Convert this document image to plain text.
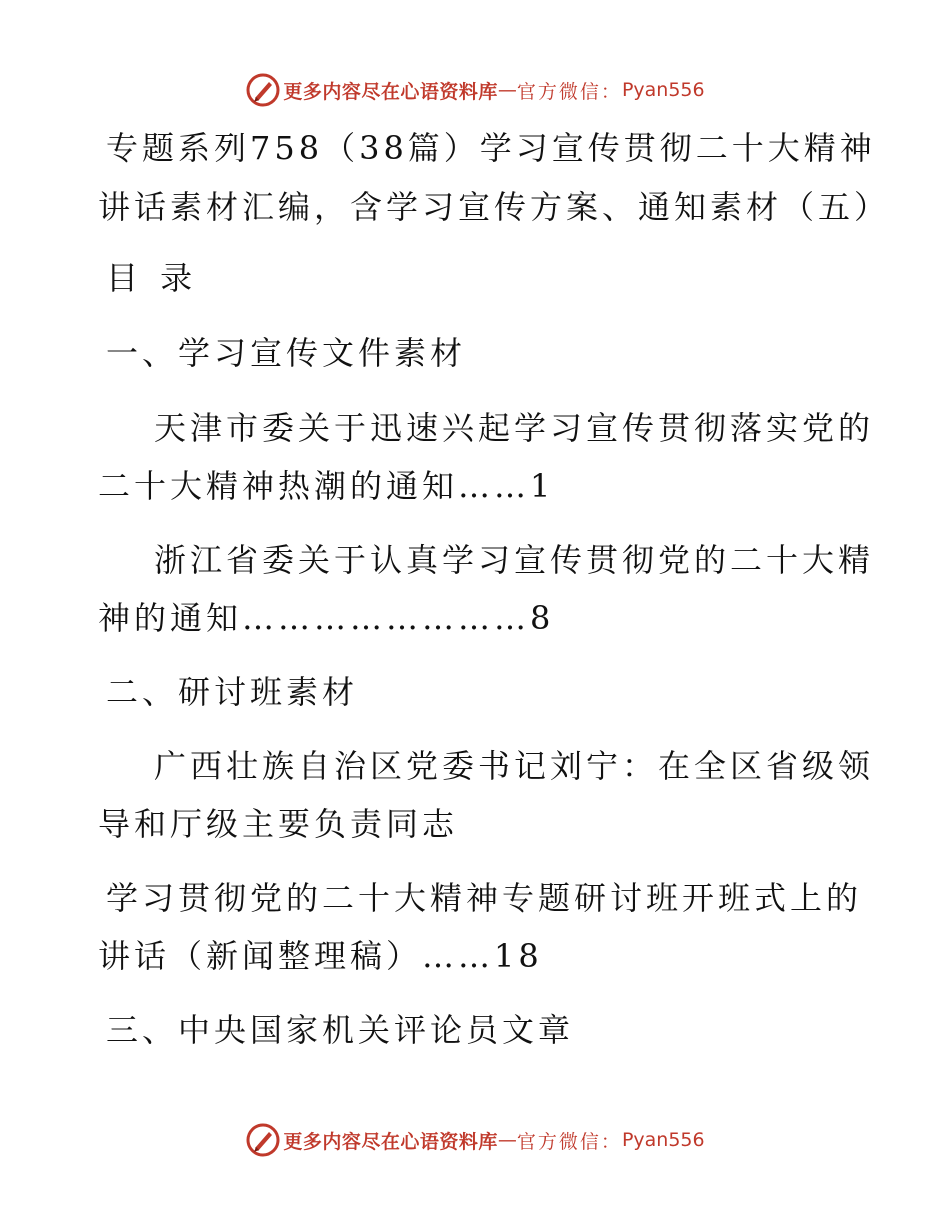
更多内容尽在心语资料库 — 官方微信： Pyan556
专题系列758（38篇）学习宣传贯彻二十大精神
讲话素材汇编，含学习宣传方案、通知素材（五）
目 录
一、学习宣传文件素材
天津市委关于迅速兴起学习宣传贯彻落实党的
二十大精神热潮的通知……1
浙江省委关于认真学习宣传贯彻党的二十大精
神的通知……………………8
二、研讨班素材
广西壮族自治区党委书记刘宁：在全区省级领
导和厅级主要负责同志
学习贯彻党的二十大精神专题研讨班开班式上的
讲话（新闻整理稿）……18
三、中央国家机关评论员文章
更多内容尽在心语资料库 — 官方微信： Pyan556
